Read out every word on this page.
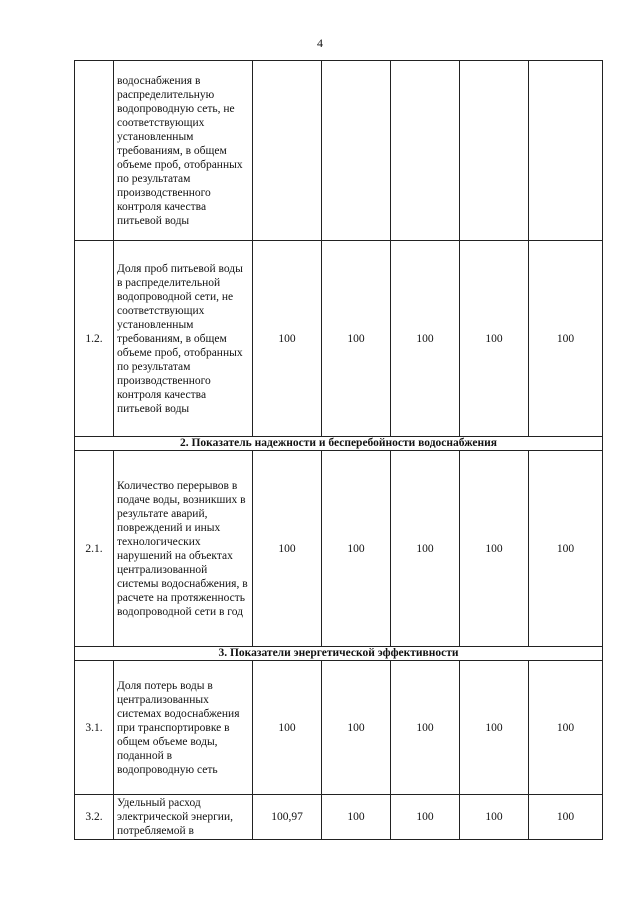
4
	водоснабжения в распределительную водопроводную сеть, не соответствующих установленным требованиям, в общем объеме проб, отобранных по результатам производственного контроля качества питьевой воды					
1.2.	Доля проб питьевой воды в распределительной водопроводной сети, не соответствующих установленным требованиям, в общем объеме проб, отобранных по результатам производственного контроля качества питьевой воды	100	100	100	100	100
2. Показатель надежности и бесперебойности водоснабжения						
2.1.	Количество перерывов в подаче воды, возникших в результате аварий, повреждений и иных технологических нарушений на объектах централизованной системы водоснабжения, в расчете на протяженность водопроводной сети в год	100	100	100	100	100
3. Показатели энергетической эффективности						
3.1.	Доля потерь воды в централизованных системах водоснабжения при транспортировке в общем объеме воды, поданной в водопроводную сеть	100	100	100	100	100
3.2.	Удельный расход электрической энергии, потребляемой в	100,97	100	100	100	100
